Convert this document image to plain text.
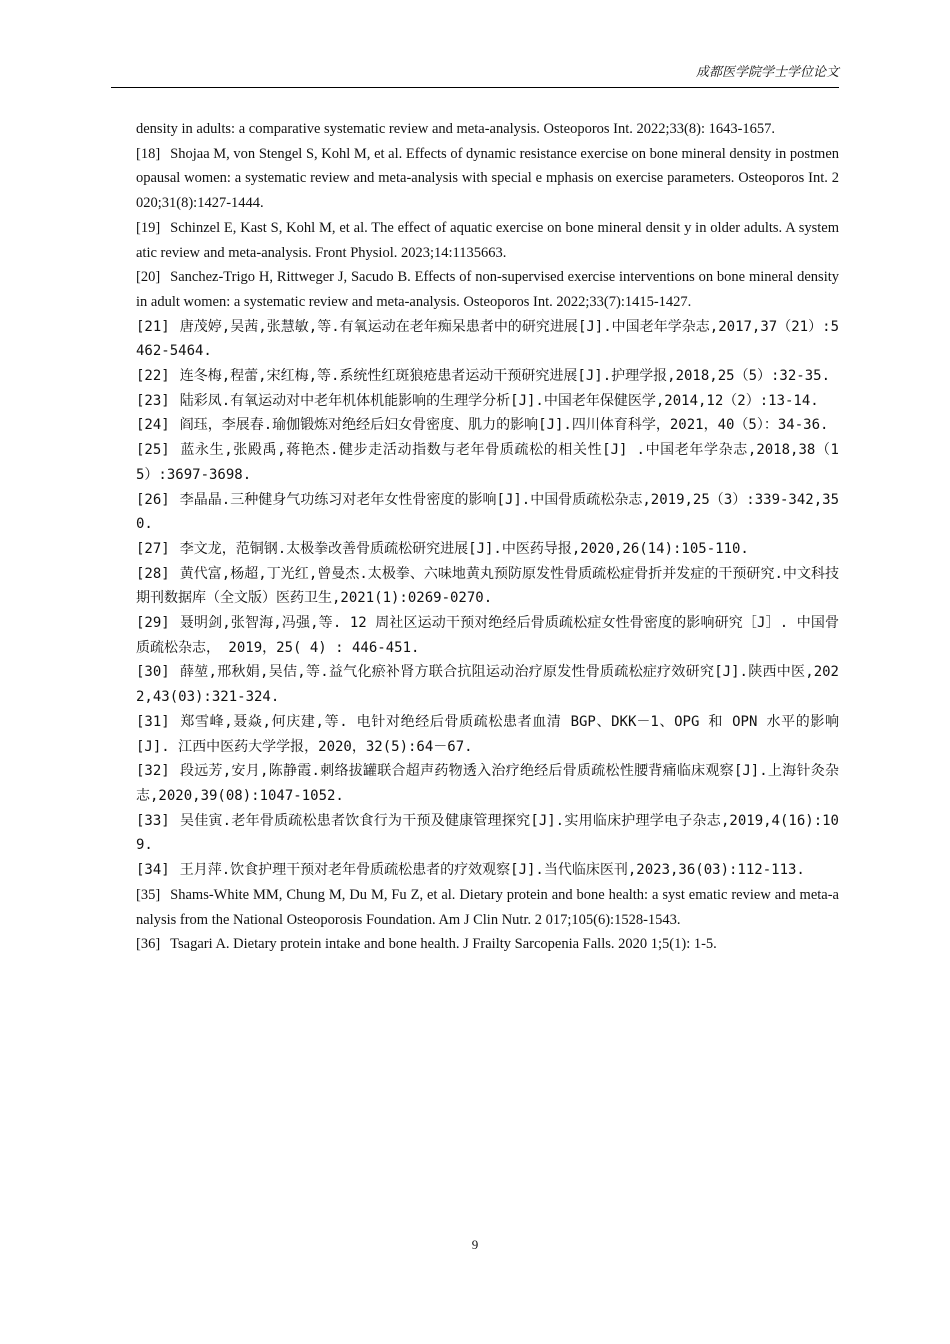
成都医学院学士学位论文

density in adults: a comparative systematic review and meta-analysis. Osteoporos Int. 2022;33(8): 1643-1657.

[18] Shojaa M, von Stengel S, Kohl M, et al. Effects of dynamic resistance exercise on bone mineral density in postmenopausal women: a systematic review and meta-analysis with special e mphasis on exercise parameters. Osteoporos Int. 2020;31(8):1427-1444.

[19] Schinzel E, Kast S, Kohl M, et al. The effect of aquatic exercise on bone mineral densit y in older adults. A systematic review and meta-analysis. Front Physiol. 2023;14:1135663.

[20] Sanchez-Trigo H, Rittweger J, Sacudo B. Effects of non-supervised exercise interventions on bone mineral density in adult women: a systematic review and meta-analysis. Osteoporos Int. 2022;33(7):1415-1427.

[21] 唐茂婷,吴茜,张慧敏,等.有氧运动在老年痴呆患者中的研究进展[J].中国老年学杂志,2017,37（21）:5462-5464.

[22] 连冬梅,程蕾,宋红梅,等.系统性红斑狼疮患者运动干预研究进展[J].护理学报,2018,25（5）:32-35.

[23] 陆彩凤.有氧运动对中老年机体机能影响的生理学分析[J].中国老年保健医学,2014,12（2）:13-14.

[24] 阎珏，李展春.瑜伽锻炼对绝经后妇女骨密度、肌力的影响[J].四川体育科学，2021，40（5）：34-36.

[25] 蓝永生,张殿禹,蒋艳杰.健步走活动指数与老年骨质疏松的相关性[J] .中国老年学杂志,2018,38（15）:3697-3698.

[26] 李晶晶.三种健身气功练习对老年女性骨密度的影响[J].中国骨质疏松杂志,2019,25（3）:339-342,350.

[27] 李文龙，范铜钢.太极拳改善骨质疏松研究进展[J].中医药导报,2020,26(14):105-110.

[28] 黄代富,杨超,丁光红,曾曼杰.太极拳、六味地黄丸预防原发性骨质疏松症骨折并发症的干预研究.中文科技期刊数据库（全文版）医药卫生,2021(1):0269-0270.

[29] 聂明剑,张智海,冯强,等. 12 周社区运动干预对绝经后骨质疏松症女性骨密度的影响研究［J］. 中国骨质疏松杂志， 2019，25( 4) : 446-451.

[30] 薛堃,邢秋娟,吴佶,等.益气化瘀补肾方联合抗阻运动治疗原发性骨质疏松症疗效研究[J].陕西中医,2022,43(03):321-324.

[31] 郑雪峰,聂焱,何庆建,等. 电针对绝经后骨质疏松患者血清 BGP、DKK－1、OPG 和 OPN 水平的影响[J]. 江西中医药大学学报，2020，32(5):64－67.

[32] 段远芳,安月,陈静霞.刺络拔罐联合超声药物透入治疗绝经后骨质疏松性腰背痛临床观察[J].上海针灸杂志,2020,39(08):1047-1052.

[33] 吴佳寅.老年骨质疏松患者饮食行为干预及健康管理探究[J].实用临床护理学电子杂志,2019,4(16):109.

[34] 王月萍.饮食护理干预对老年骨质疏松患者的疗效观察[J].当代临床医刊,2023,36(03):112-113.

[35] Shams-White MM, Chung M, Du M, Fu Z, et al. Dietary protein and bone health: a syst ematic review and meta-analysis from the National Osteoporosis Foundation. Am J Clin Nutr. 2 017;105(6):1528-1543.

[36] Tsagari A. Dietary protein intake and bone health. J Frailty Sarcopenia Falls. 2020 1;5(1): 1-5.

9
